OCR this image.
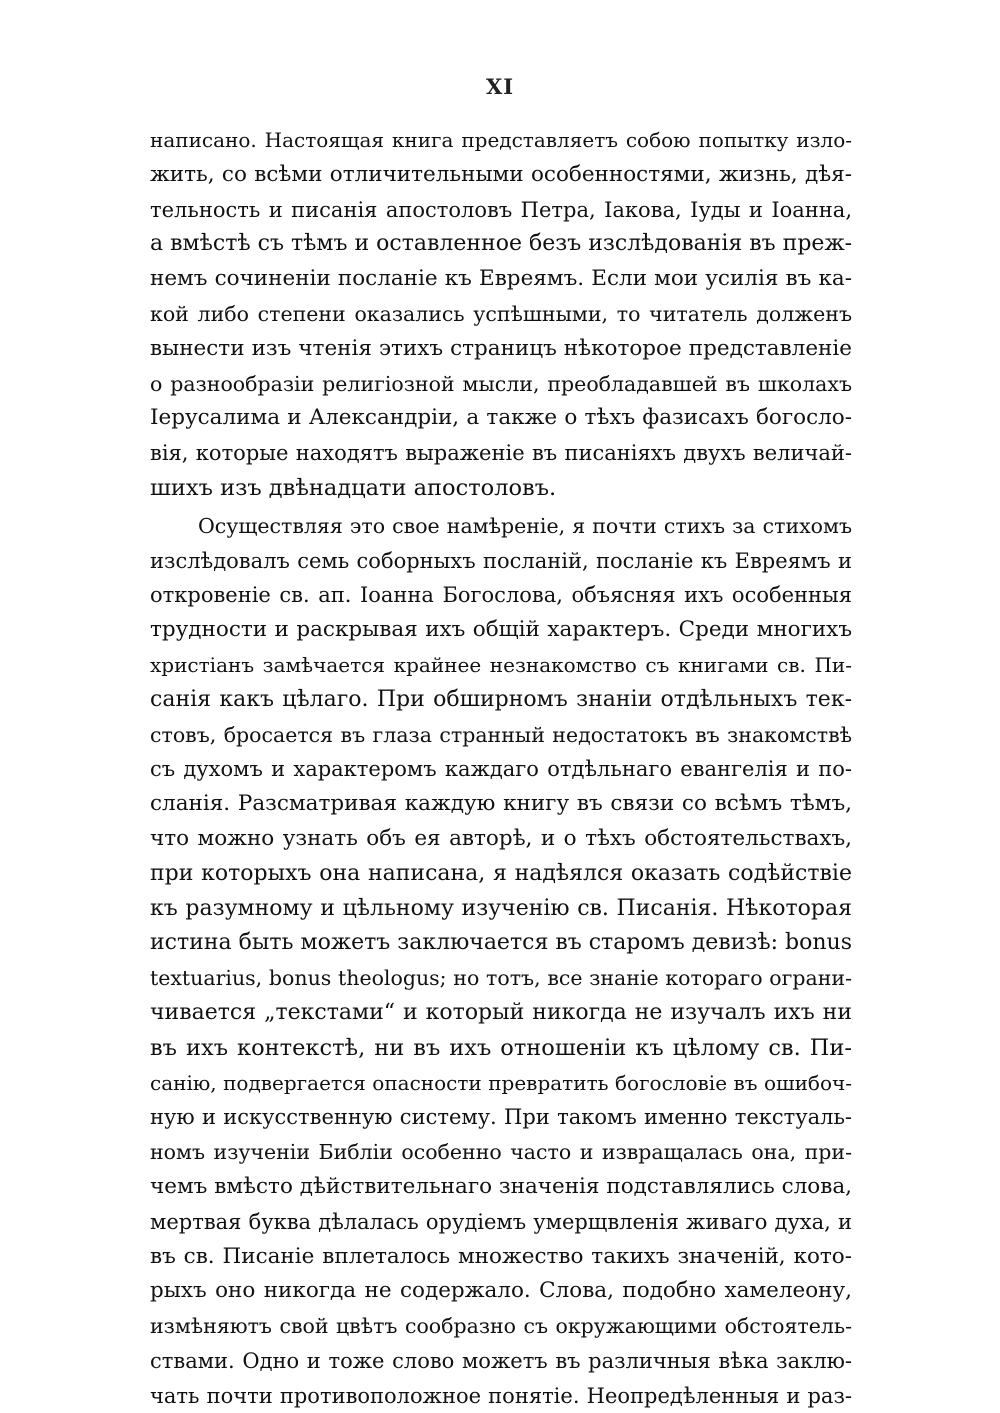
XI
написано. Настоящая книга представляетъ собою попытку изло-
жить, со всѣми отличительными особенностями, жизнь, дѣя-
тельность и писанія апостоловъ Петра, Іакова, Іуды и Іоанна,
а вмѣстѣ съ тѣмъ и оставленное безъ изслѣдованія въ преж-
немъ сочиненіи посланіе къ Евреямъ. Если мои усилія въ ка-
кой либо степени оказались успѣшными, то читатель долженъ
вынести изъ чтенія этихъ страницъ нѣкоторое представленіе
о разнообразіи религіозной мысли, преобладавшей въ школахъ
Іерусалима и Александріи, а также о тѣхъ фазисахъ богосло-
вія, которые находятъ выраженіе въ писаніяхъ двухъ величай-
шихъ изъ двѣнадцати апостоловъ.
Осуществляя это свое намѣреніе, я почти стихъ за стихомъ
изслѣдовалъ семь соборныхъ посланій, посланіе къ Евреямъ и
откровеніе св. ап. Іоанна Богослова, объясняя ихъ особенныя
трудности и раскрывая ихъ общій характеръ. Среди многихъ
христіанъ замѣчается крайнее незнакомство съ книгами св. Пи-
санія какъ цѣлаго. При обширномъ знаніи отдѣльныхъ тек-
стовъ, бросается въ глаза странный недостатокъ въ знакомствѣ
съ духомъ и характеромъ каждаго отдѣльнаго евангелія и по-
сланія. Разсматривая каждую книгу въ связи со всѣмъ тѣмъ,
что можно узнать объ ея авторѣ, и о тѣхъ обстоятельствахъ,
при которыхъ она написана, я надѣялся оказать содѣйствіе
къ разумному и цѣльному изученію св. Писанія. Нѣкоторая
истина быть можетъ заключается въ старомъ девизѣ: bonus
textuarius, bonus theologus; но тотъ, все знаніе котораго ограни-
чивается „текстами“ и который никогда не изучалъ ихъ ни
въ ихъ контекстѣ, ни въ ихъ отношеніи къ цѣлому св. Пи-
санію, подвергается опасности превратить богословіе въ ошибоч-
ную и искусственную систему. При такомъ именно текстуаль-
номъ изученіи Библіи особенно часто и извращалась она, при-
чемъ вмѣсто дѣйствительнаго значенія подставлялись слова,
мертвая буква дѣлалась орудіемъ умерщвленія живаго духа, и
въ св. Писаніе вплеталось множество такихъ значеній, кото-
рыхъ оно никогда не содержало. Слова, подобно хамелеону,
измѣняютъ свой цвѣтъ сообразно съ окружающими обстоятель-
ствами. Одно и тоже слово можетъ въ различныя вѣка заклю-
чать почти противоположное понятіе. Неопредѣленныя и раз-
